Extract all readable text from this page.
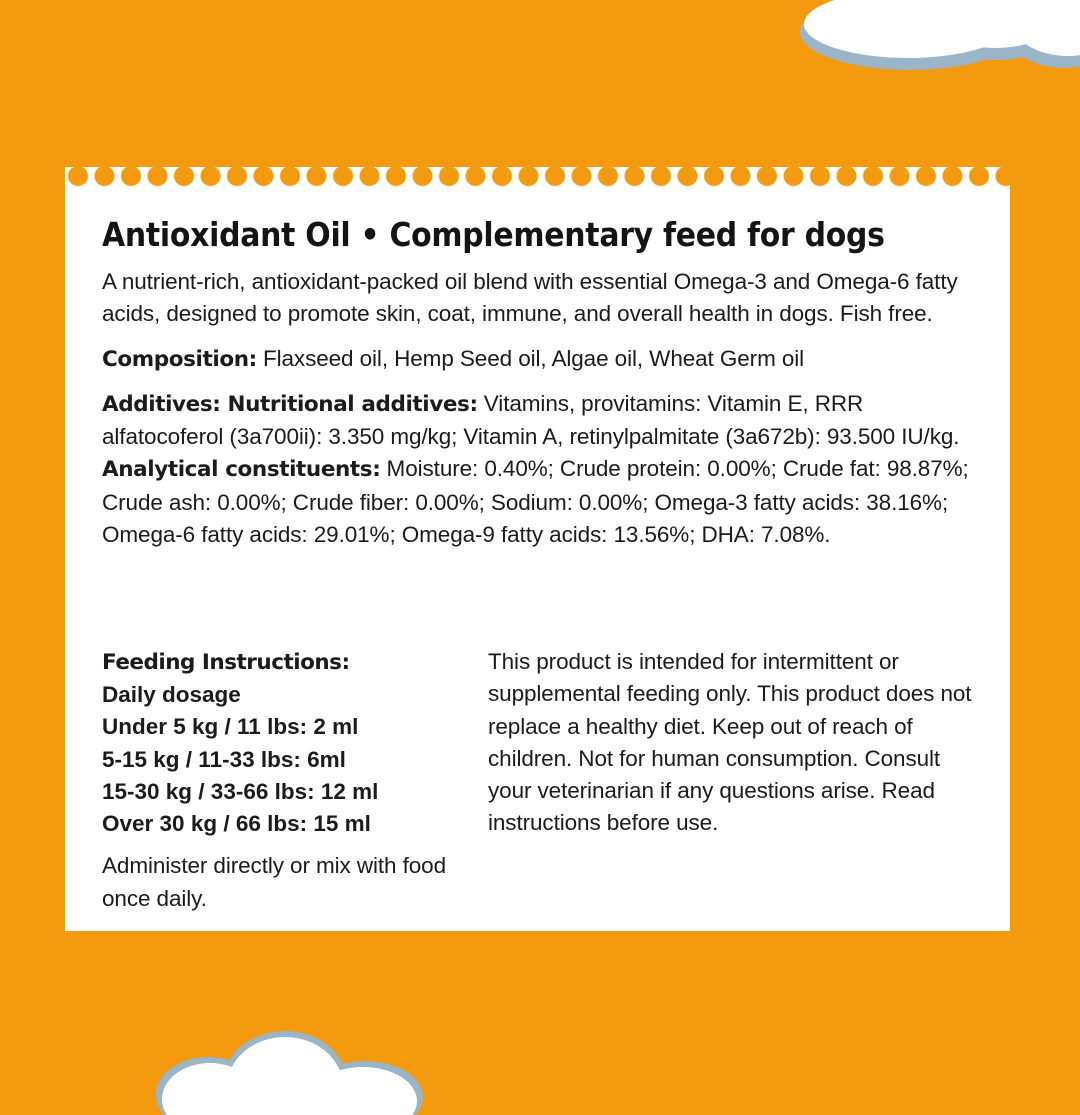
Antioxidant Oil • Complementary feed for dogs

A nutrient-rich, antioxidant-packed oil blend with essential Omega-3 and Omega-6 fatty acids, designed to promote skin, coat, immune, and overall health in dogs. Fish free.

Composition: Flaxseed oil, Hemp Seed oil, Algae oil, Wheat Germ oil

Additives: Nutritional additives: Vitamins, provitamins: Vitamin E, RRR alfatocoferol (3a700ii): 3.350 mg/kg; Vitamin A, retinylpalmitate (3a672b): 93.500 IU/kg. Analytical constituents: Moisture: 0.40%; Crude protein: 0.00%; Crude fat: 98.87%; Crude ash: 0.00%; Crude fiber: 0.00%; Sodium: 0.00%; Omega-3 fatty acids: 38.16%; Omega-6 fatty acids: 29.01%; Omega-9 fatty acids: 13.56%; DHA: 7.08%.

Feeding Instructions:
Daily dosage
Under 5 kg / 11 lbs: 2 ml
5-15 kg / 11-33 lbs: 6ml
15-30 kg / 33-66 lbs: 12 ml
Over 30 kg / 66 lbs: 15 ml

Administer directly or mix with food once daily.

This product is intended for intermittent or supplemental feeding only. This product does not replace a healthy diet. Keep out of reach of children. Not for human consumption. Consult your veterinarian if any questions arise. Read instructions before use.
